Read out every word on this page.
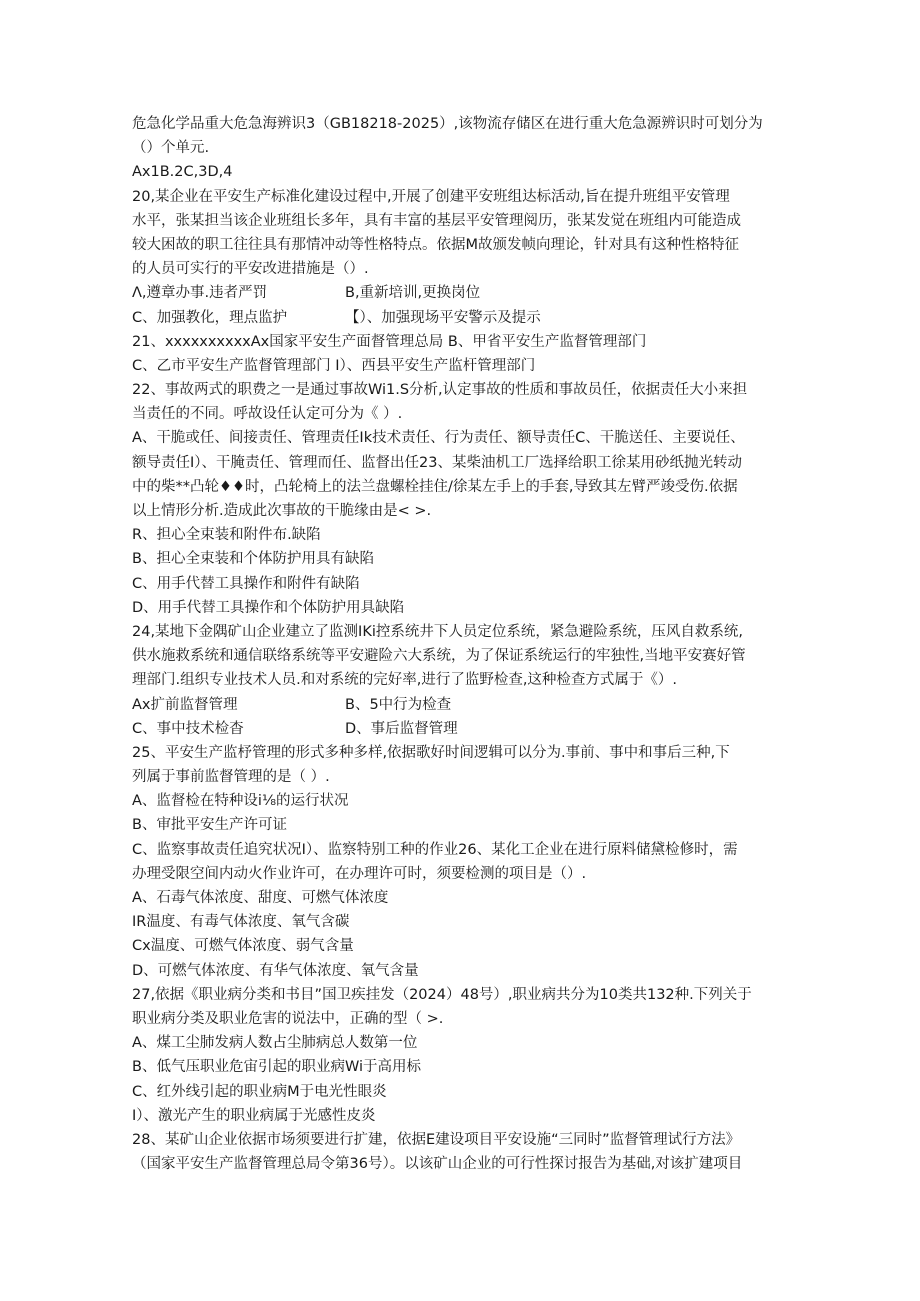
危急化学品重大危急海辨识3（GB18218-2025）,该物流存储区在进行重大危急源辨识时可划分为
（）个单元.
Ax1B.2C,3D,4
20,某企业在平安生产标准化建设过程中,开展了创建平安班组达标活动,旨在提升班组平安管理
水平，张某担当该企业班组长多年，具有丰富的基层平安管理阅历，张某发觉在班组内可能造成
较大困故的职工往往具有那情冲动等性格特点。依据M故颁发帧向理论，针对具有这种性格特征
的人员可实行的平安改进措施是（）.
Λ,遵章办事.违者严罚	B,重新培训,更换岗位
C、加强教化，理点监护	【）、加强现场平安警示及提示
21、xxxxxxxxxxAx国家平安生产面督管理总局 B、甲省平安生产监督管理部门
C、乙市平安生产监督管理部门 I）、西县平安生产监杆管理部门
22、事故两式的职费之一是通过事故Wi1.S分析,认定事故的性质和事故员任，依据责任大小来担
当责任的不同。呼故设任认定可分为《 ）.
A、干脆或任、间接责任、管理责任Ik技术责任、行为责任、额导责任C、干脆送任、主要说任、
额导责任I）、干腌责任、管理而任、监督出任23、某柴油机工厂选择给职工徐某用砂纸抛光转动
中的柴**凸轮♦♦时，凸轮椅上的法兰盘螺栓挂住/徐某左手上的手套,导致其左臂严竣受伤.依据
以上情形分析.造成此次事故的干脆缘由是< >.
R、担心全束装和附件布.缺陷
B、担心全束装和个体防护用具有缺陷
C、用手代替工具操作和附件有缺陷
D、用手代替工具操作和个体防护用具缺陷
24,某地下金隅矿山企业建立了监测IKi控系统井下人员定位系统，紧急避险系统，压风自救系统,
供水施救系统和通信联络系统等平安避险六大系统，为了保证系统运行的牢独性,当地平安赛好管
理部门.组织专业技术人员.和对系统的完好率,进行了监野检查,这种检查方式属于《）.
Ax扩前监督管理	B、5中行为检查
C、事中技术检杳	D、事后监督管理
25、平安生产监杼管理的形式多种多样,依据歌好时间逻辑可以分为.事前、事中和事后三种,下
列属于事前监督管理的是（ ）.
A、监督检在特种设i⅛的运行状况
B、审批平安生产许可证
C、监察事故责任追究状况I）、监察特别工种的作业26、某化工企业在进行原料储黛检修时，需
办理受限空间内动火作业许可，在办理许可时，须要检测的项目是（）.
A、石毒气体浓度、甜度、可燃气体浓度
IR温度、有毒气体浓度、氧气含碳
Cx温度、可燃气体浓度、弱气含量
D、可燃气体浓度、有华气体浓度、氧气含量
27,依据《职业病分类和书目”国卫疾挂发（2024）48号）,职业病共分为10类共132种.下列关于
职业病分类及职业危害的说法中，正确的型（ >.
A、煤工尘肺发病人数占尘肺病总人数第一位
B、低气压职业危宙引起的职业病Wi于高用标
C、红外线引起的职业病M于电光性眼炎
I）、激光产生的职业病属于光感性皮炎
28、某矿山企业依据市场须要进行扩建，依据E建设项目平安设施“三同时”监督管理试行方法》
（国家平安生产监督管理总局令第36号）。以该矿山企业的可行性探讨报告为基础,对该扩建项目
